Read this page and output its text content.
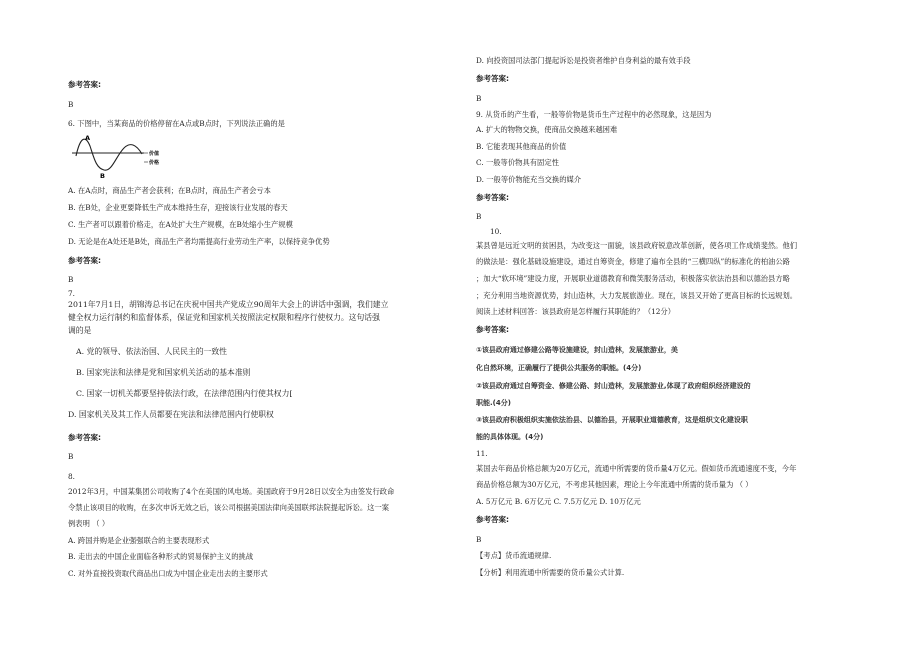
参考答案:
B
6. 下图中，当某商品的价格停留在A点或B点时，下列说法正确的是
A
B
价值
价格
A. 在A点时，商品生产者会获利；在B点时，商品生产者会亏本
B. 在B处，企业更要降低生产成本维持生存，迎接该行业发展的春天
C. 生产者可以跟着价格走，在A处扩大生产规模，在B处缩小生产规模
D. 无论是在A处还是B处，商品生产者均需提高行业劳动生产率，以保持竞争优势
参考答案:
B
7.
2011年7月1日，胡锦涛总书记在庆祝中国共产党成立90周年大会上的讲话中强调，我们建立
健全权力运行制约和监督体系，保证党和国家机关按照法定权限和程序行使权力。这句话强
调的是
A. 党的领导、依法治国、人民民主的一致性
B. 国家宪法和法律是党和国家机关活动的基本准则
C. 国家一切机关都要坚持依法行政，在法律范围内行使其权力[
D. 国家机关及其工作人员都要在宪法和法律范围内行使职权
参考答案:
B
8.
2012年3月，中国某集团公司收购了4个在美国的风电场。美国政府于9月28日以安全为由签发行政命
令禁止该项目的收购，在多次申诉无效之后，该公司根据美国法律向美国联邦法院提起诉讼。这一案
例表明 （ ）
A. 跨国并购是企业强强联合的主要表现形式
B. 走出去的中国企业面临各种形式的贸易保护主义的挑战
C. 对外直接投资取代商品出口成为中国企业走出去的主要形式
D. 向投资国司法部门提起诉讼是投资者维护自身利益的最有效手段
参考答案:
B
9. 从货币的产生看，一般等价物是货币生产过程中的必然现象，这是因为
A. 扩大的物物交换，使商品交换越来越困难
B. 它能表现其他商品的价值
C. 一般等价物具有固定性
D. 一般等价物能充当交换的媒介
参考答案:
B
10.
某县曾是远近文明的贫困县，为改变这一面貌，该县政府锐意改革创新，使各项工作成绩斐然。他们
的做法是：强化基础设施建设，通过自筹资金，修建了遍布全县的“三横四纵”的标准化的柏油公路
；加大“软环境”建设力度，开展职业道德教育和微笑服务活动，积极落实依法治县和以德治县方略
；充分利用当地资源优势，封山造林，大力发展旅游业。现在，该县又开始了更高目标的长远规划。
阅读上述材料回答：该县政府是怎样履行其职能的？（12分）
参考答案:
①该县政府通过修建公路等设施建设，封山造林，发展旅游业，美
化自然环境，正确履行了提供公共服务的职能。(4分)
②该县政府通过自筹资金、修建公路、封山造林，发展旅游业,体现了政府组织经济建设的
职能.(4分)
③该县政府积极组织实施依法治县、以德治县，开展职业道德教育，这是组织文化建设职
能的具体体现。(4分)
11.
某国去年商品价格总额为20万亿元，流通中所需要的货币量4万亿元。假如货币流通速度不变，今年
商品价格总额为30万亿元，不考虑其他因素，理论上今年流通中所需的货币量为 （ ）
A. 5万亿元 B. 6万亿元 C. 7.5万亿元 D. 10万亿元
参考答案:
B
【考点】货币流通规律.
【分析】利用流通中所需要的货币量公式计算.
